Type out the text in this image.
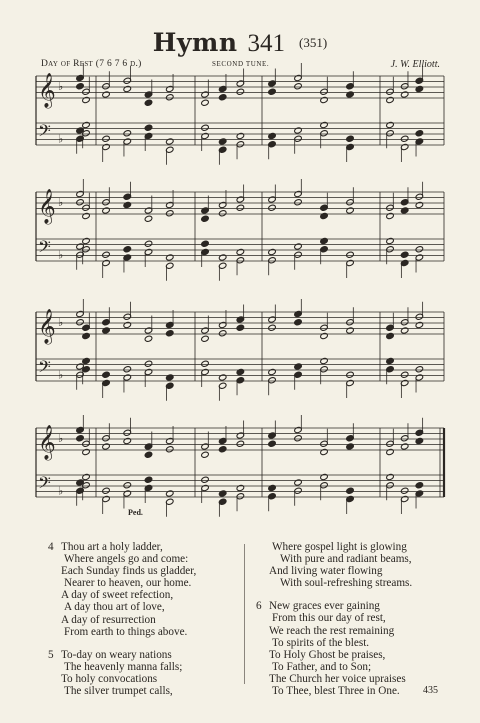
Hymn 341 $^{(351)}$
Day of Rest (7 6 7 6 d.)	SECOND TUNE.	J. W. Elliott.
𝄞 ♭
𝄢 ♭
𝄞 ♭
𝄢 ♭
𝄞 ♭
𝄢 ♭
𝄞 ♭
𝄢 ♭
Ped.
4 Thou art a holy ladder,
Where angels go and come:
Each Sunday finds us gladder,
Nearer to heaven, our home.
A day of sweet refection,
A day thou art of love,
A day of resurrection
From earth to things above.
5 To-day on weary nations
The heavenly manna falls;
To holy convocations
The silver trumpet calls,
Where gospel light is glowing
With pure and radiant beams,
And living water flowing
With soul-refreshing streams.
6 New graces ever gaining
From this our day of rest,
We reach the rest remaining
To spirits of the blest.
To Holy Ghost be praises,
To Father, and to Son;
The Church her voice upraises
To Thee, blest Three in One.	435
